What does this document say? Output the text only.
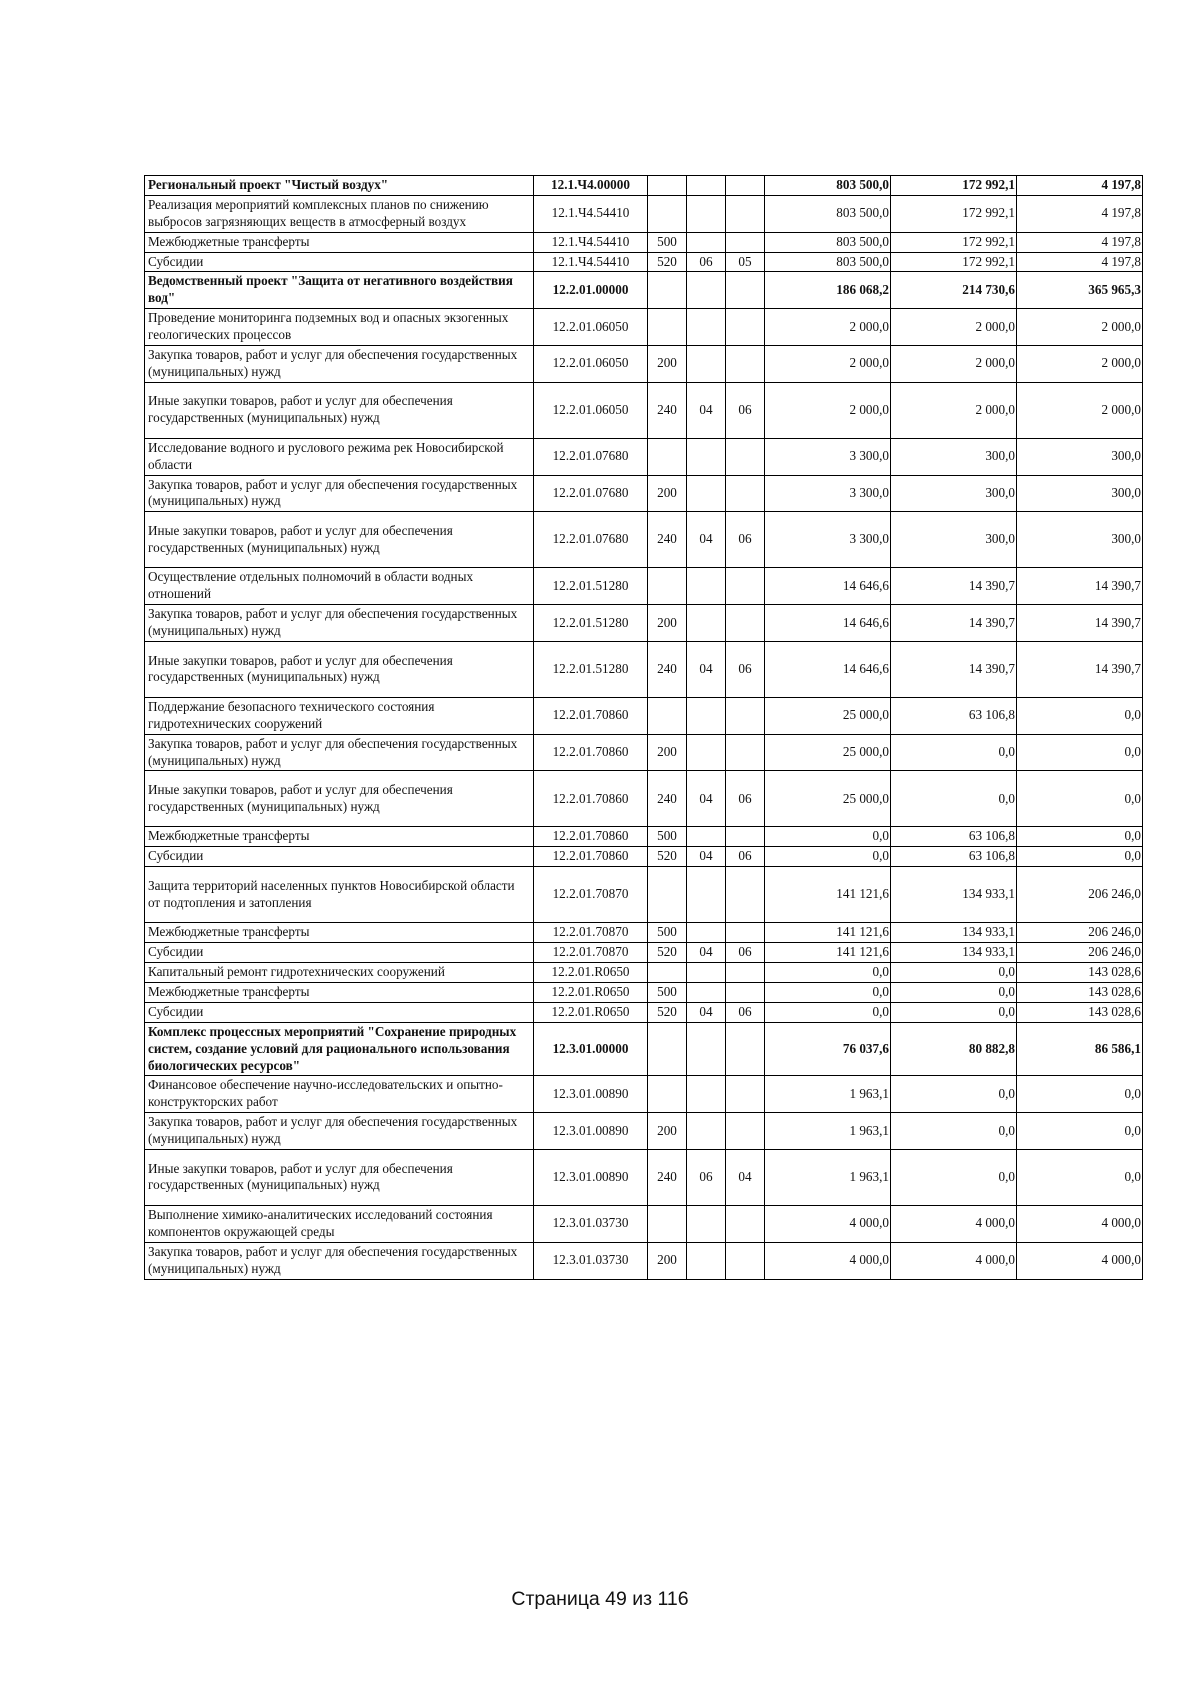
Региональный проект "Чистый воздух"	12.1.Ч4.00000				803 500,0	172 992,1	4 197,8
Реализация мероприятий комплексных планов по снижению выбросов загрязняющих веществ в атмосферный воздух	12.1.Ч4.54410				803 500,0	172 992,1	4 197,8
Межбюджетные трансферты	12.1.Ч4.54410	500			803 500,0	172 992,1	4 197,8
Субсидии	12.1.Ч4.54410	520	06	05	803 500,0	172 992,1	4 197,8
Ведомственный проект "Защита от негативного воздействия вод"	12.2.01.00000				186 068,2	214 730,6	365 965,3
Проведение мониторинга подземных вод и опасных экзогенных геологических процессов	12.2.01.06050				2 000,0	2 000,0	2 000,0
Закупка товаров, работ и услуг для обеспечения государственных (муниципальных) нужд	12.2.01.06050	200			2 000,0	2 000,0	2 000,0
Иные закупки товаров, работ и услуг для обеспечения государственных (муниципальных) нужд	12.2.01.06050	240	04	06	2 000,0	2 000,0	2 000,0
Исследование водного и руслового режима рек Новосибирской области	12.2.01.07680				3 300,0	300,0	300,0
Закупка товаров, работ и услуг для обеспечения государственных (муниципальных) нужд	12.2.01.07680	200			3 300,0	300,0	300,0
Иные закупки товаров, работ и услуг для обеспечения государственных (муниципальных) нужд	12.2.01.07680	240	04	06	3 300,0	300,0	300,0
Осуществление отдельных полномочий в области водных отношений	12.2.01.51280				14 646,6	14 390,7	14 390,7
Закупка товаров, работ и услуг для обеспечения государственных (муниципальных) нужд	12.2.01.51280	200			14 646,6	14 390,7	14 390,7
Иные закупки товаров, работ и услуг для обеспечения государственных (муниципальных) нужд	12.2.01.51280	240	04	06	14 646,6	14 390,7	14 390,7
Поддержание безопасного технического состояния гидротехнических сооружений	12.2.01.70860				25 000,0	63 106,8	0,0
Закупка товаров, работ и услуг для обеспечения государственных (муниципальных) нужд	12.2.01.70860	200			25 000,0	0,0	0,0
Иные закупки товаров, работ и услуг для обеспечения государственных (муниципальных) нужд	12.2.01.70860	240	04	06	25 000,0	0,0	0,0
Межбюджетные трансферты	12.2.01.70860	500			0,0	63 106,8	0,0
Субсидии	12.2.01.70860	520	04	06	0,0	63 106,8	0,0
Защита территорий населенных пунктов Новосибирской области от подтопления и затопления	12.2.01.70870				141 121,6	134 933,1	206 246,0
Межбюджетные трансферты	12.2.01.70870	500			141 121,6	134 933,1	206 246,0
Субсидии	12.2.01.70870	520	04	06	141 121,6	134 933,1	206 246,0
Капитальный ремонт гидротехнических сооружений	12.2.01.R0650				0,0	0,0	143 028,6
Межбюджетные трансферты	12.2.01.R0650	500			0,0	0,0	143 028,6
Субсидии	12.2.01.R0650	520	04	06	0,0	0,0	143 028,6
Комплекс процессных мероприятий "Сохранение природных систем, создание условий для рационального использования биологических ресурсов"	12.3.01.00000				76 037,6	80 882,8	86 586,1
Финансовое обеспечение научно-исследовательских и опытно-конструкторских работ	12.3.01.00890				1 963,1	0,0	0,0
Закупка товаров, работ и услуг для обеспечения государственных (муниципальных) нужд	12.3.01.00890	200			1 963,1	0,0	0,0
Иные закупки товаров, работ и услуг для обеспечения государственных (муниципальных) нужд	12.3.01.00890	240	06	04	1 963,1	0,0	0,0
Выполнение химико-аналитических исследований состояния компонентов окружающей среды	12.3.01.03730				4 000,0	4 000,0	4 000,0
Закупка товаров, работ и услуг для обеспечения государственных (муниципальных) нужд	12.3.01.03730	200			4 000,0	4 000,0	4 000,0
Страница 49 из 116
